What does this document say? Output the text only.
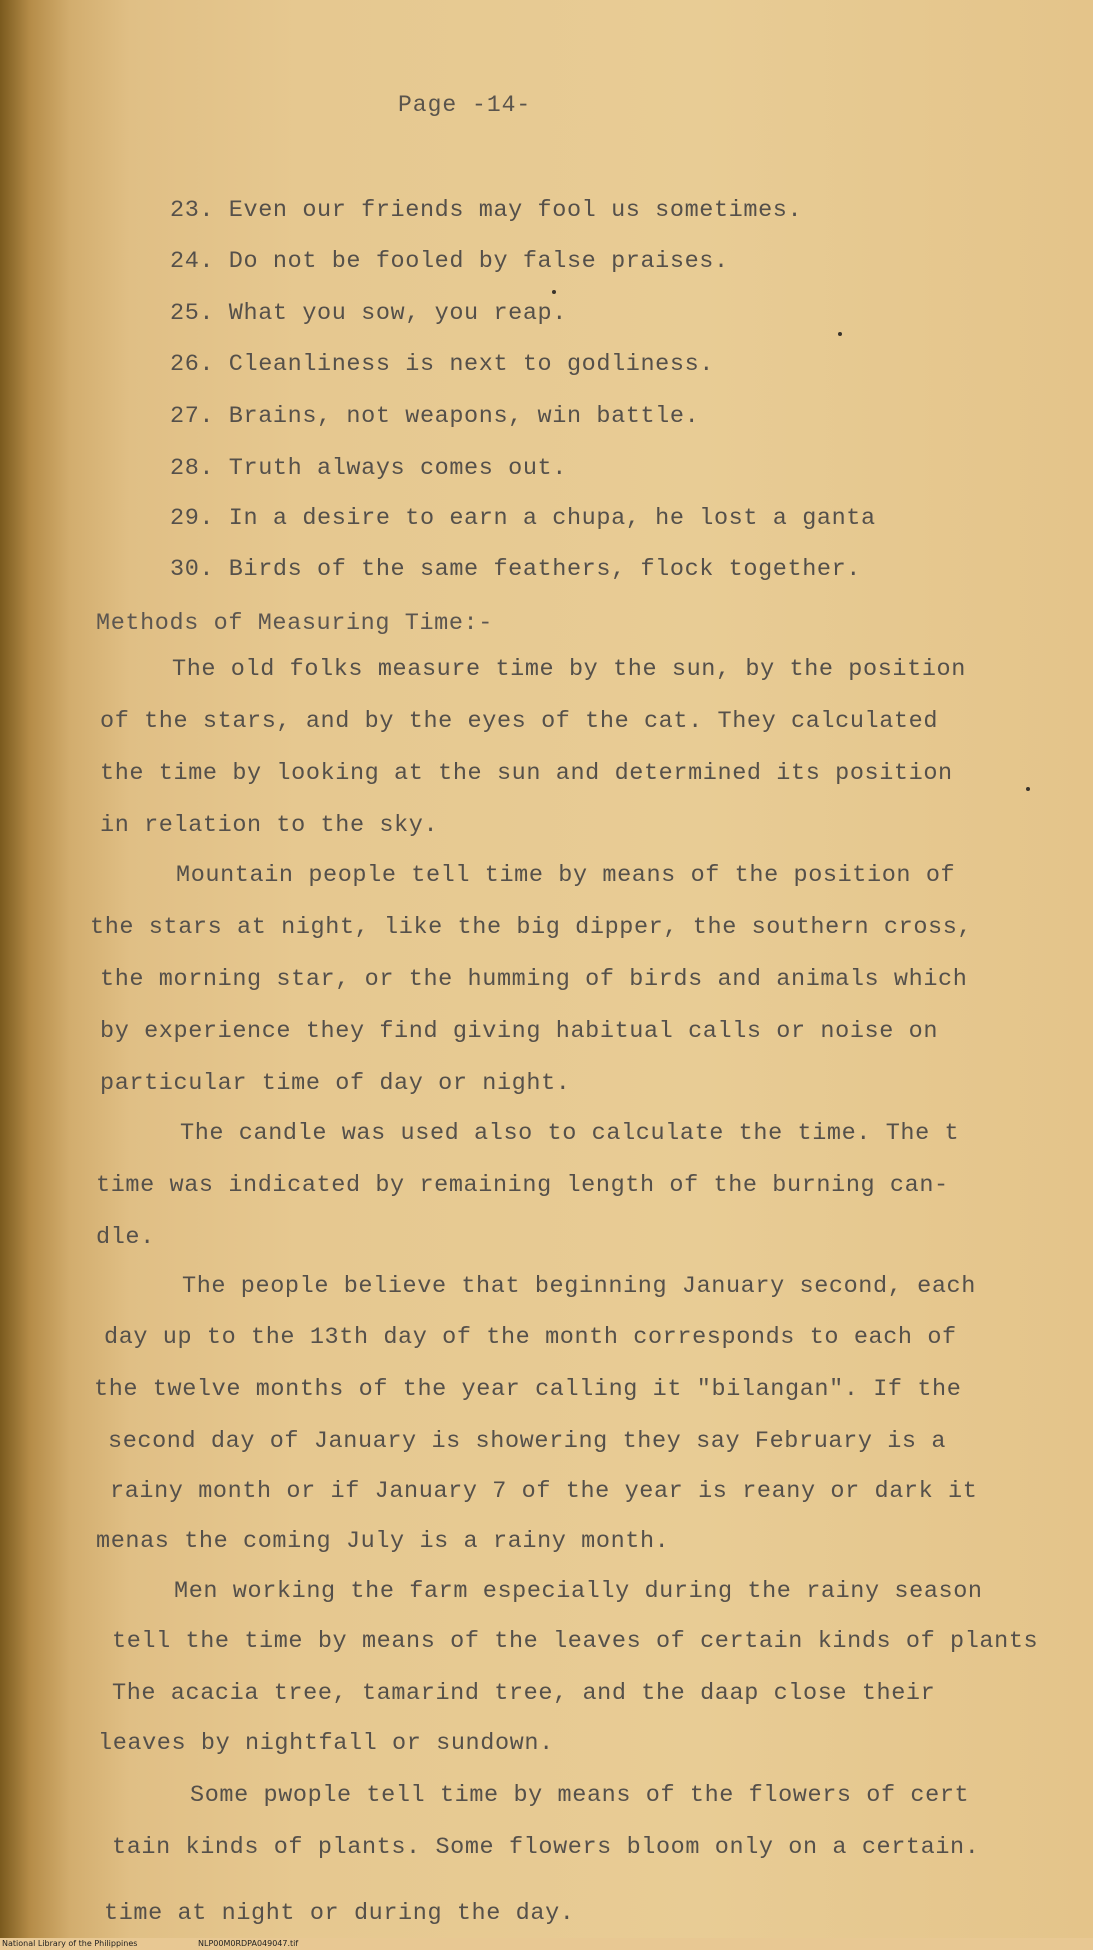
Page -14-
23. Even our friends may fool us sometimes.
24. Do not be fooled by false praises.
25. What you sow, you reap.
26. Cleanliness is next to godliness.
27. Brains, not weapons, win battle.
28. Truth always comes out.
29. In a desire to earn a chupa, he lost a ganta
30. Birds of the same feathers, flock together.
Methods of Measuring Time:-
The old folks measure time by the sun, by the position
of the stars, and by the eyes of the cat. They calculated
the time by looking at the sun and determined its position
in relation to the sky.
Mountain people tell time by means of the position of
the stars at night, like the big dipper, the southern cross,
the morning star, or the humming of birds and animals which
by experience they find giving habitual calls or noise on
particular time of day or night.
The candle was used also to calculate the time. The t
time was indicated by remaining length of the burning can-
dle.
The people believe that beginning January second, each
day up to the 13th day of the month corresponds to each of
the twelve months of the year calling it "bilangan". If the
second day of January is showering they say February is a
rainy month or if January 7 of the year is reany or dark it
menas the coming July is a rainy month.
Men working the farm especially during the rainy season
tell the time by means of the leaves of certain kinds of plants
The acacia tree, tamarind tree, and the daap close their
leaves by nightfall or sundown.
Some pwople tell time by means of the flowers of cert
tain kinds of plants. Some flowers bloom only on a certain.
time at night or during the day.
National Library of the Philippines	NLP00M0RDPA049047.tif
